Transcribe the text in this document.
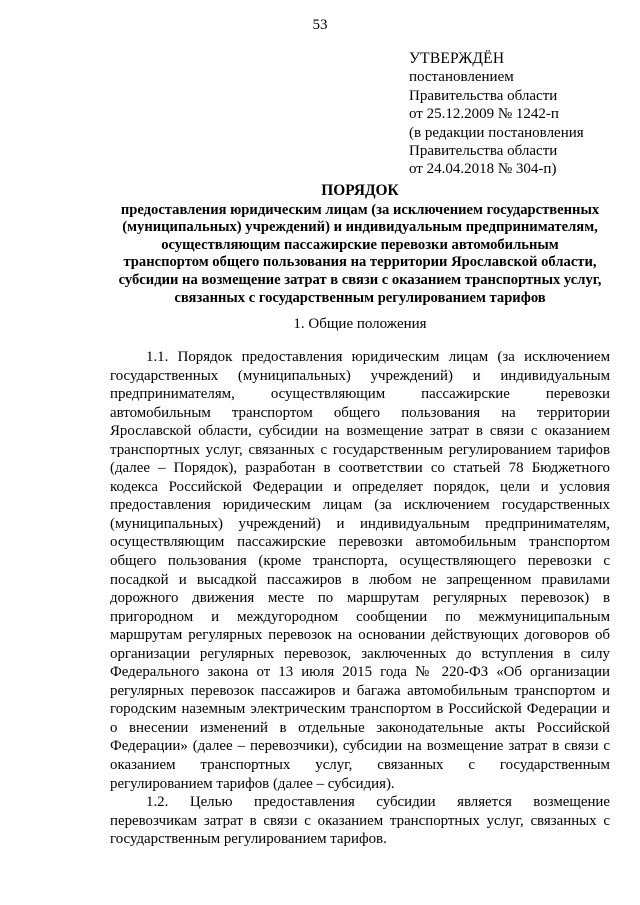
53
УТВЕРЖДЁН
постановлением
Правительства области
от 25.12.2009 № 1242-п
(в редакции постановления
Правительства области
от 24.04.2018 № 304-п)
ПОРЯДОК
предоставления юридическим лицам (за исключением государственных
(муниципальных) учреждений) и индивидуальным предпринимателям,
осуществляющим пассажирские перевозки автомобильным
транспортом общего пользования на территории Ярославской области,
субсидии на возмещение затрат в связи с оказанием транспортных услуг,
связанных с государственным регулированием тарифов
1. Общие положения
1.1. Порядок предоставления юридическим лицам (за исключением
государственных (муниципальных) учреждений) и индивидуальным
предпринимателям, осуществляющим пассажирские перевозки
автомобильным транспортом общего пользования на территории
Ярославской области, субсидии на возмещение затрат в связи с оказанием
транспортных услуг, связанных с государственным регулированием тарифов
(далее – Порядок), разработан в соответствии со статьей 78 Бюджетного
кодекса Российской Федерации и определяет порядок, цели и условия
предоставления юридическим лицам (за исключением государственных
(муниципальных) учреждений) и индивидуальным предпринимателям,
осуществляющим пассажирские перевозки автомобильным транспортом
общего пользования (кроме транспорта, осуществляющего перевозки с
посадкой и высадкой пассажиров в любом не запрещенном правилами
дорожного движения месте по маршрутам регулярных перевозок) в
пригородном и междугородном сообщении по межмуниципальным
маршрутам регулярных перевозок на основании действующих договоров об
организации регулярных перевозок, заключенных до вступления в силу
Федерального закона от 13 июля 2015 года № 220-ФЗ «Об организации
регулярных перевозок пассажиров и багажа автомобильным транспортом и
городским наземным электрическим транспортом в Российской Федерации и
о внесении изменений в отдельные законодательные акты Российской
Федерации» (далее – перевозчики), субсидии на возмещение затрат в связи с
оказанием транспортных услуг, связанных с государственным
регулированием тарифов (далее – субсидия).
1.2. Целью предоставления субсидии является возмещение
перевозчикам затрат в связи с оказанием транспортных услуг, связанных с
государственным регулированием тарифов.
